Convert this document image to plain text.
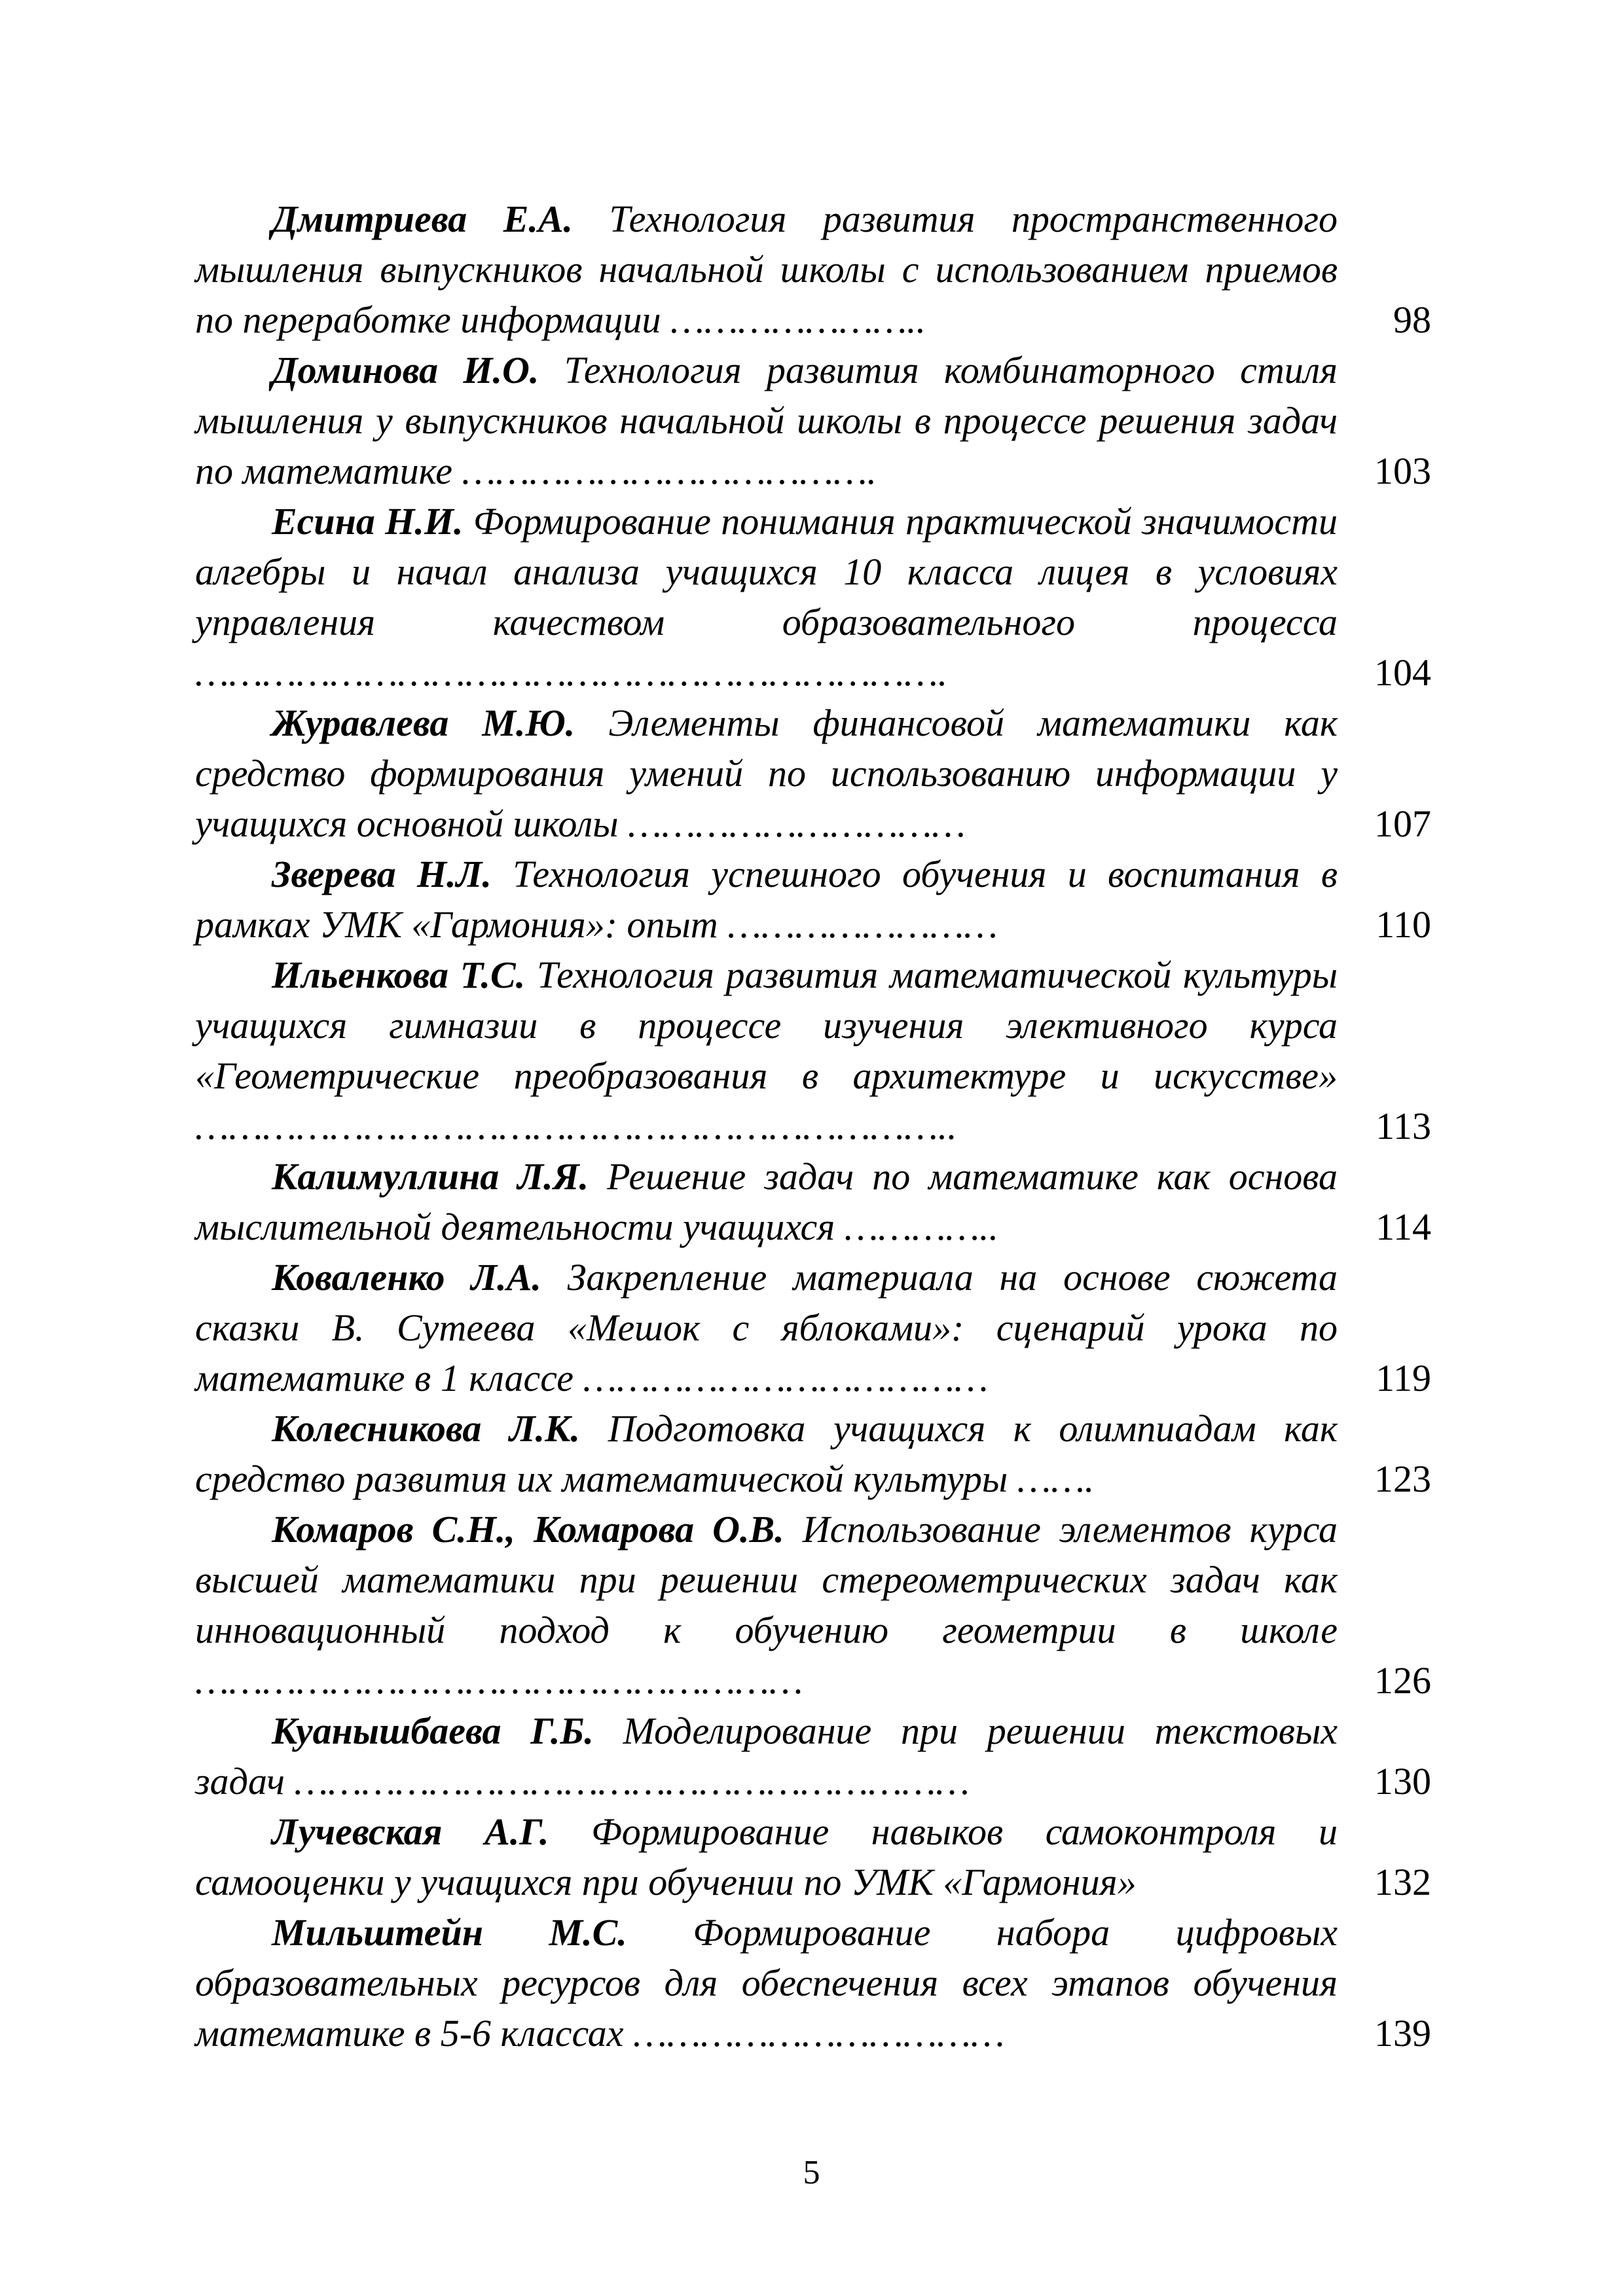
Дмитриева Е.А. Технология развития пространственного мышления выпускников начальной школы с использованием приемов по переработке информации …………………..	98
Доминова И.О. Технология развития комбинаторного стиля мышления у выпускников начальной школы в процессе решения задач по математике ……………………………….	103
Есина Н.И. Формирование понимания практической значимости алгебры и начал анализа учащихся 10 класса лицея в условиях управления качеством образовательного процесса ………………………………………………………….	104
Журавлева М.Ю. Элементы финансовой математики как средство формирования умений по использованию информации у учащихся основной школы …………………………	107
Зверева Н.Л. Технология успешного обучения и воспитания в рамках УМК «Гармония»: опыт ……………………	110
Ильенкова Т.С. Технология развития математической культуры учащихся гимназии в процессе изучения элективного курса «Геометрические преобразования в архитектуре и искусстве» …………………………………………………………..	113
Калимуллина Л.Я. Решение задач по математике как основа мыслительной деятельности учащихся …………..	114
Коваленко Л.А. Закрепление материала на основе сюжета сказки В. Сутеева «Мешок с яблоками»: сценарий урока по математике в 1 классе ………………………………	119
Колесникова Л.К. Подготовка учащихся к олимпиадам как средство развития их математической культуры …….	123
Комаров С.Н., Комарова О.В. Использование элементов курса высшей математики при решении стереометрических задач как инновационный подход к обучению геометрии в школе ………………………………………………	126
Куанышбаева Г.Б. Моделирование при решении текстовых задач ……………………………………………………	130
Лучевская А.Г. Формирование навыков самоконтроля и самооценки у учащихся при обучении по УМК «Гармония»	132
Мильштейн М.С. Формирование набора цифровых образовательных ресурсов для обеспечения всех этапов обучения математике в 5-6 классах ……………………………	139
5
